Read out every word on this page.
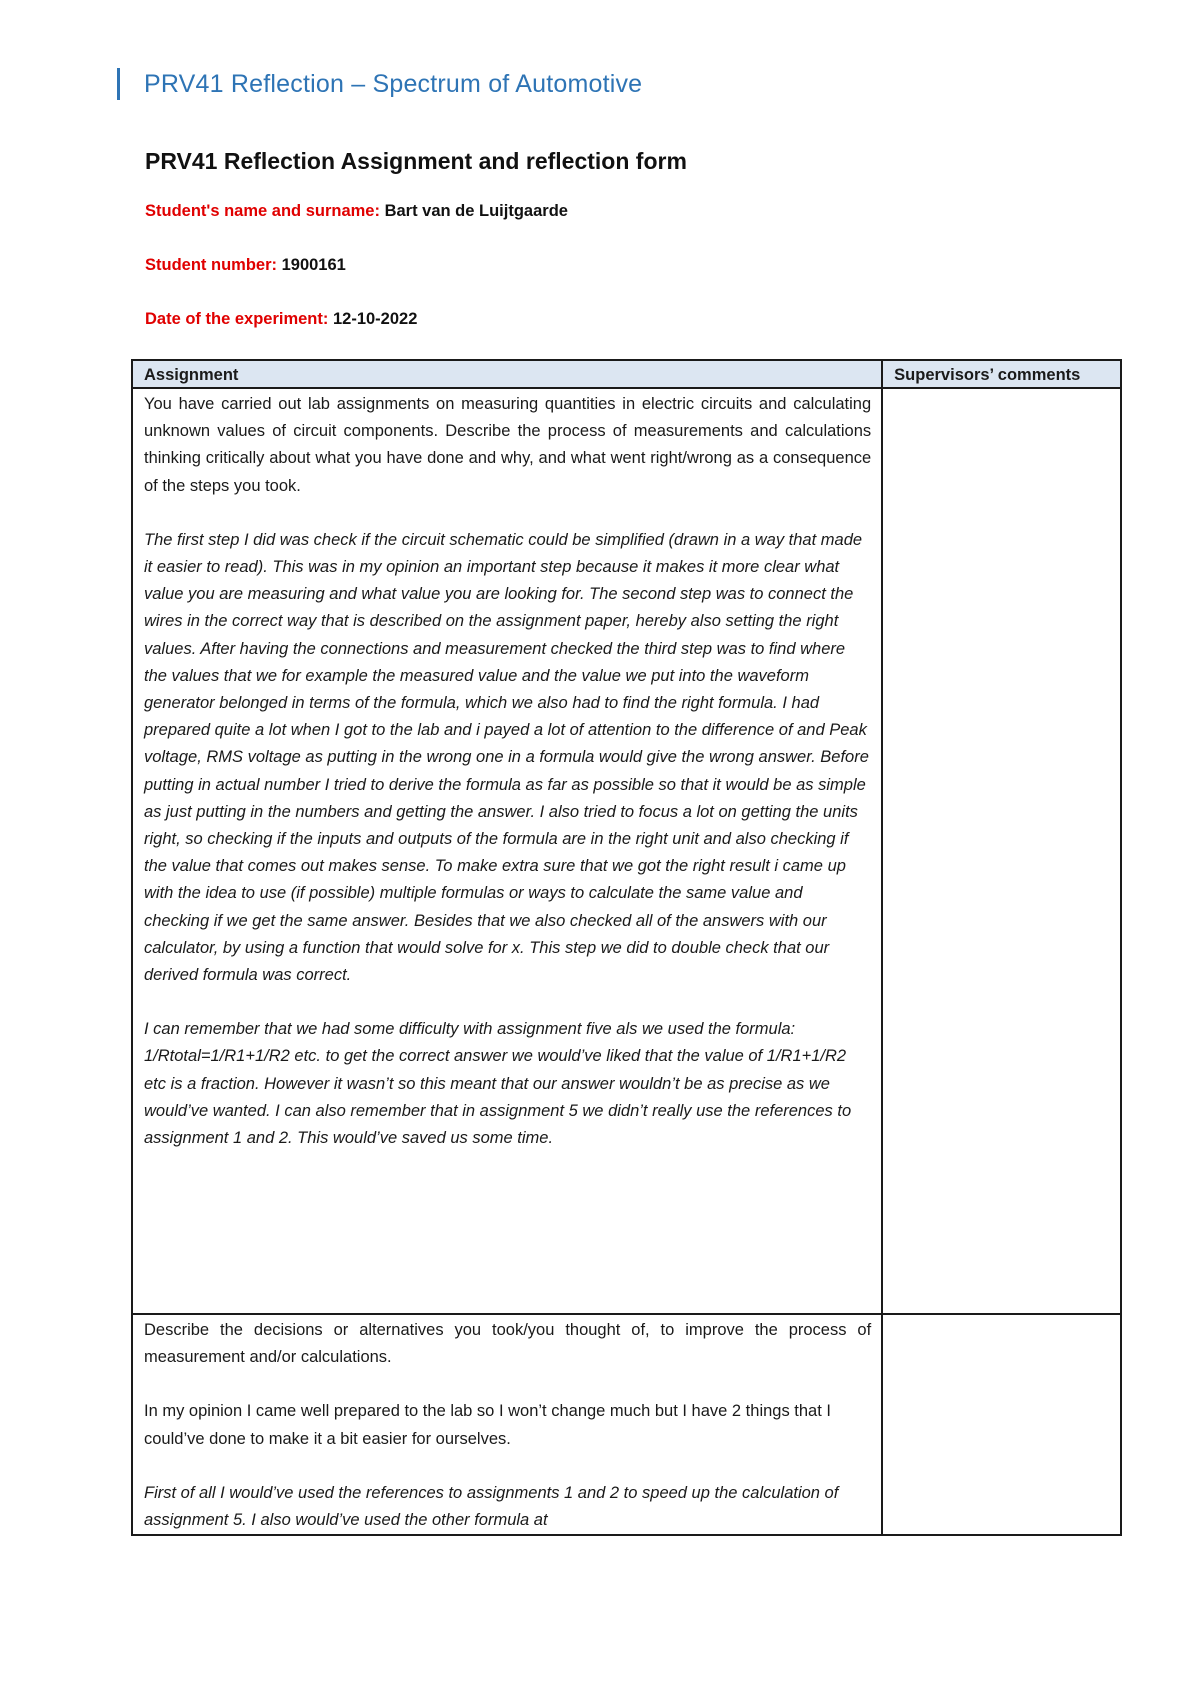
PRV41 Reflection – Spectrum of Automotive
PRV41 Reflection Assignment and reflection form
Student's name and surname: Bart van de Luijtgaarde
Student number: 1900161
Date of the experiment: 12-10-2022
Assignment	Supervisors’ comments

You have carried out lab assignments on measuring quantities in electric circuits and calculating unknown values of circuit components. Describe the process of measurements and calculations thinking critically about what you have done and why, and what went right/wrong as a consequence of the steps you took.

The first step I did was check if the circuit schematic could be simplified (drawn in a way that made it easier to read). This was in my opinion an important step because it makes it more clear what value you are measuring and what value you are looking for. The second step was to connect the wires in the correct way that is described on the assignment paper, hereby also setting the right values. After having the connections and measurement checked the third step was to find where the values that we for example the measured value and the value we put into the waveform generator belonged in terms of the formula, which we also had to find the right formula. I had prepared quite a lot when I got to the lab and i payed a lot of attention to the difference of and Peak voltage, RMS voltage as putting in the wrong one in a formula would give the wrong answer. Before putting in actual number I tried to derive the formula as far as possible so that it would be as simple as just putting in the numbers and getting the answer. I also tried to focus a lot on getting the units right, so checking if the inputs and outputs of the formula are in the right unit and also checking if the value that comes out makes sense. To make extra sure that we got the right result i came up with the idea to use (if possible) multiple formulas or ways to calculate the same value and checking if we get the same answer. Besides that we also checked all of the answers with our calculator, by using a function that would solve for x. This step we did to double check that our derived formula was correct.

I can remember that we had some difficulty with assignment five als we used the formula: 1/Rtotal=1/R1+1/R2 etc. to get the correct answer we would’ve liked that the value of 1/R1+1/R2 etc is a fraction. However it wasn’t so this meant that our answer wouldn’t be as precise as we would’ve wanted. I can also remember that in assignment 5 we didn’t really use the references to assignment 1 and 2. This would’ve saved us some time.	

Describe the decisions or alternatives you took/you thought of, to improve the process of measurement and/or calculations.

In my opinion I came well prepared to the lab so I won’t change much but I have 2 things that I could’ve done to make it a bit easier for ourselves.

First of all I would’ve used the references to assignments 1 and 2 to speed up the calculation of assignment 5. I also would’ve used the other formula at	
